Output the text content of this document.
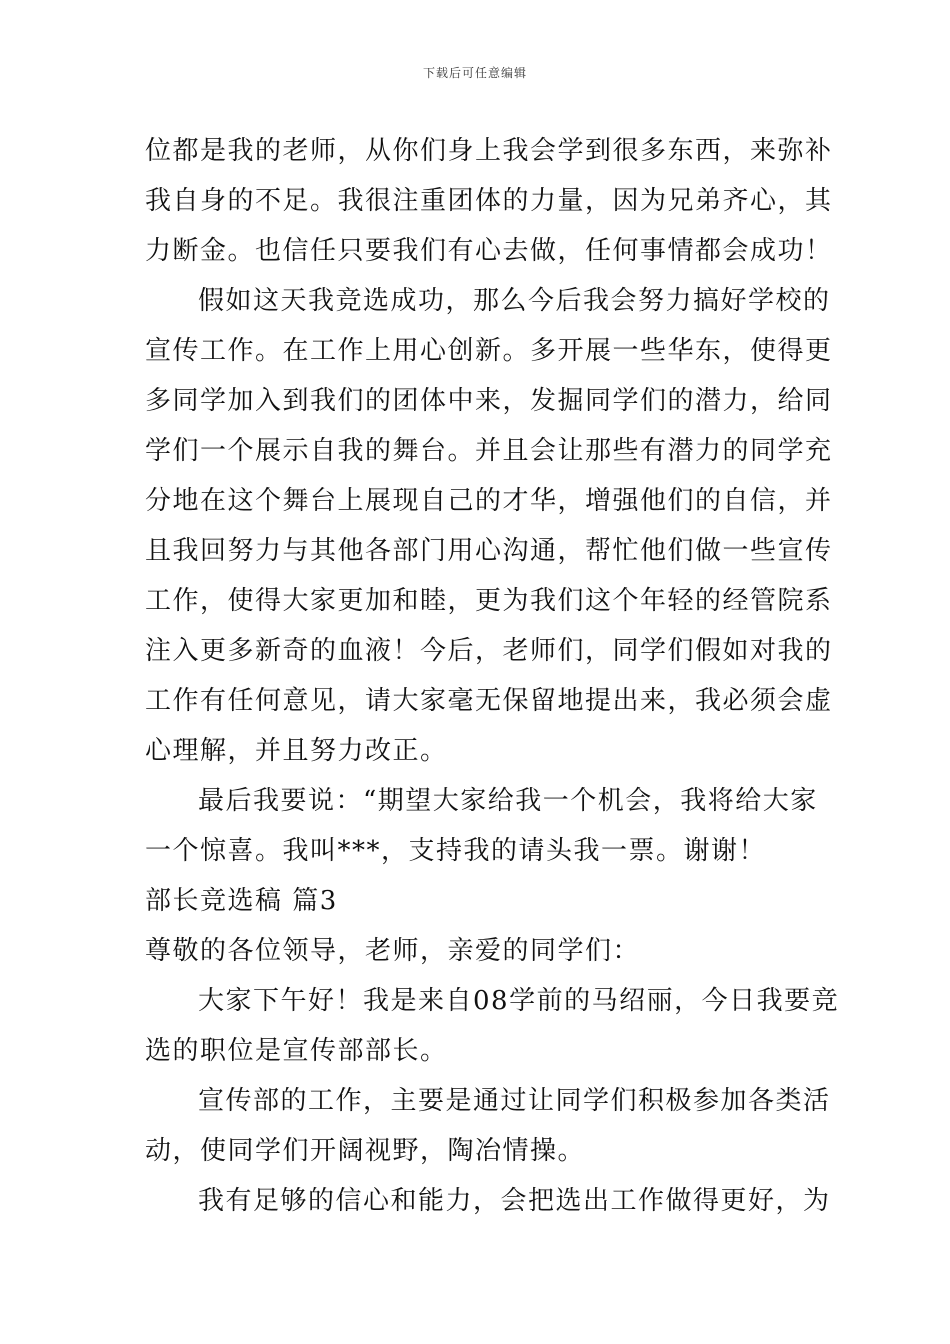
下载后可任意编辑
位都是我的老师，从你们身上我会学到很多东西，来弥补
我自身的不足。我很注重团体的力量，因为兄弟齐心，其
力断金。也信任只要我们有心去做，任何事情都会成功！
假如这天我竞选成功，那么今后我会努力搞好学校的
宣传工作。在工作上用心创新。多开展一些华东，使得更
多同学加入到我们的团体中来，发掘同学们的潜力，给同
学们一个展示自我的舞台。并且会让那些有潜力的同学充
分地在这个舞台上展现自己的才华，增强他们的自信，并
且我回努力与其他各部门用心沟通，帮忙他们做一些宣传
工作，使得大家更加和睦，更为我们这个年轻的经管院系
注入更多新奇的血液！今后，老师们，同学们假如对我的
工作有任何意见，请大家毫无保留地提出来，我必须会虚
心理解，并且努力改正。
最后我要说：“期望大家给我一个机会，我将给大家
一个惊喜。我叫***，支持我的请头我一票。谢谢！
部长竞选稿 篇3
尊敬的各位领导，老师，亲爱的同学们：
大家下午好！我是来自08学前的马绍丽，今日我要竞
选的职位是宣传部部长。
宣传部的工作，主要是通过让同学们积极参加各类活
动，使同学们开阔视野，陶冶情操。
我有足够的信心和能力，会把选出工作做得更好，为
